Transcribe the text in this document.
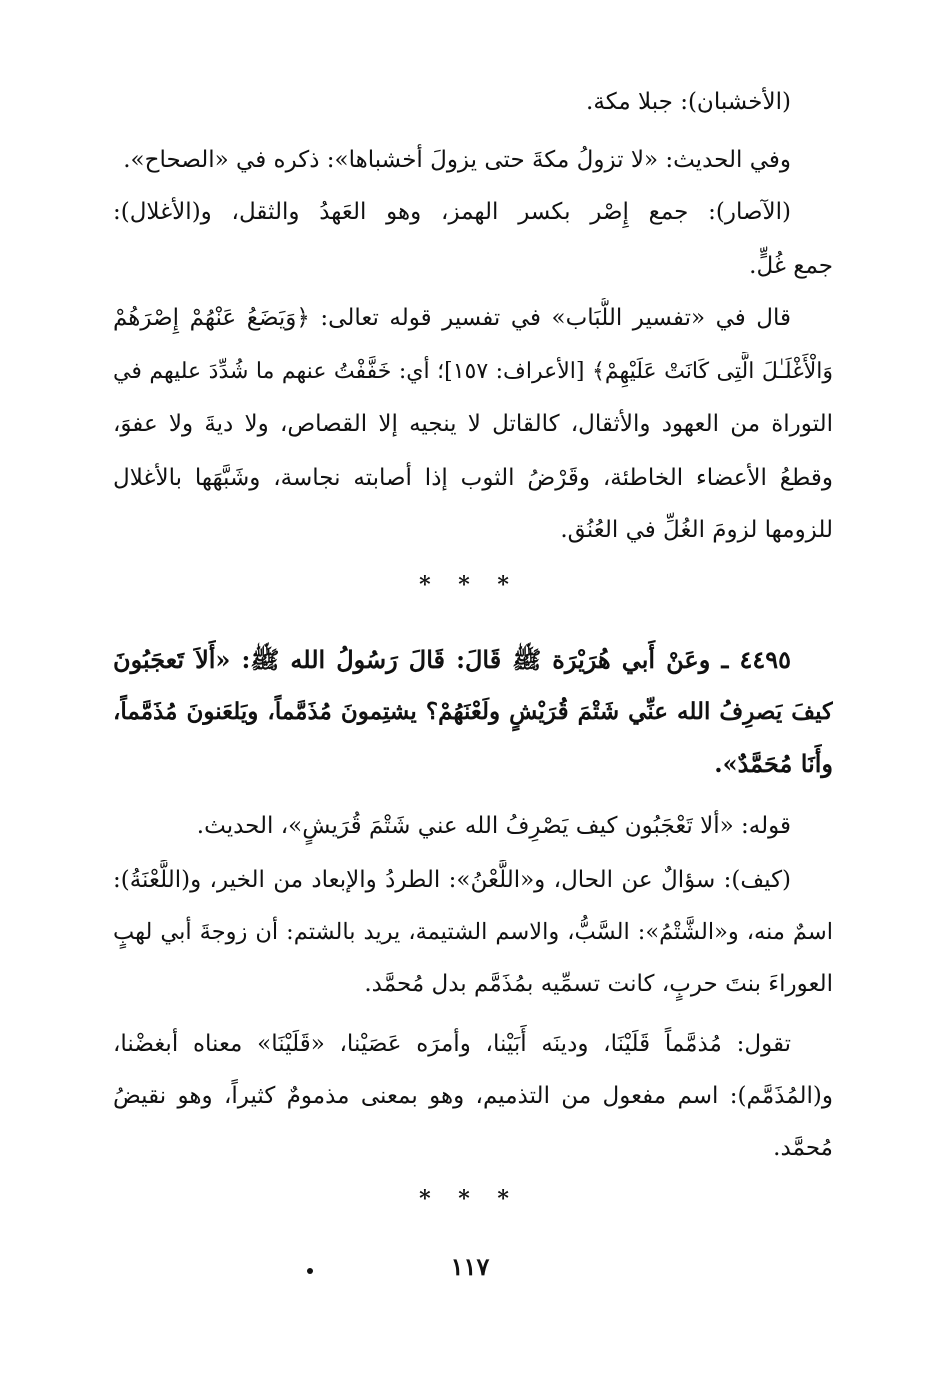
(الأخشبان): جبلا مكة.
وفي الحديث: «لا تزولُ مكةَ حتى يزولَ أخشباها»: ذكره في «الصحاح».
(الآصار): جمع إِصْر بكسر الهمز، وهو العَهدُ والثقل، و(الأغلال):
جمع غُلٍّ.
قال في «تفسير اللُّبَاب» في تفسير قوله تعالى: ﴿وَيَضَعُ عَنْهُمْ إِصْرَهُمْ
وَالْأَغْلَـٰلَ الَّتِى كَانَتْ عَلَيْهِمْ﴾ [الأعراف: ١٥٧]؛ أي: خَفَّفْتُ عنهم ما شُدِّدَ عليهم في
التوراة من العهود والأثقال، كالقاتل لا ينجيه إلا القصاص، ولا ديةَ ولا عفوَ،
وقطعُ الأعضاء الخاطئة، وقَرْضُ الثوب إذا أصابته نجاسة، وشَبَّهَها بالأغلال
للزومها لزومَ الغُلِّ في العُنُق.
* * *
٤٤٩٥ ـ وعَنْ أَبي هُرَيْرَة ﷺ قَالَ: قَالَ رَسُولُ الله ﷺ: «أَلاَ تَعجَبُونَ
كيفَ يَصرِفُ الله عنِّي شَتْمَ قُرَيْشٍ ولَعْنَهُمْ؟ يشتِمونَ مُذَمَّماً، ويَلعَنونَ مُذَمَّماً،
وأَنَا مُحَمَّدٌ».
قوله: «ألا تَعْجَبُون كيف يَصْرِفُ الله عني شَتْمَ قُرَيشٍ»، الحديث.
(كيف): سؤالٌ عن الحال، و«اللَّعْنُ»: الطردُ والإبعاد من الخير، و(اللَّعْنَةُ):
اسمٌ منه، و«الشَّتْمُ»: السَّبُّ، والاسم الشتيمة، يريد بالشتم: أن زوجةَ أبي لهبٍ
العوراءَ بنتَ حربٍ، كانت تسمِّيه بمُذَمَّم بدل مُحمَّد.
تقول: مُذمَّماً قَلَيْنَا، ودينَه أَبَيْنا، وأمرَه عَصَيْنا، «قَلَيْنَا» معناه أبغضْنا،
و(المُذَمَّم): اسم مفعول من التذميم، وهو بمعنى مذمومٌ كثيراً، وهو نقيضُ
مُحمَّد.
* * *
١١٧
